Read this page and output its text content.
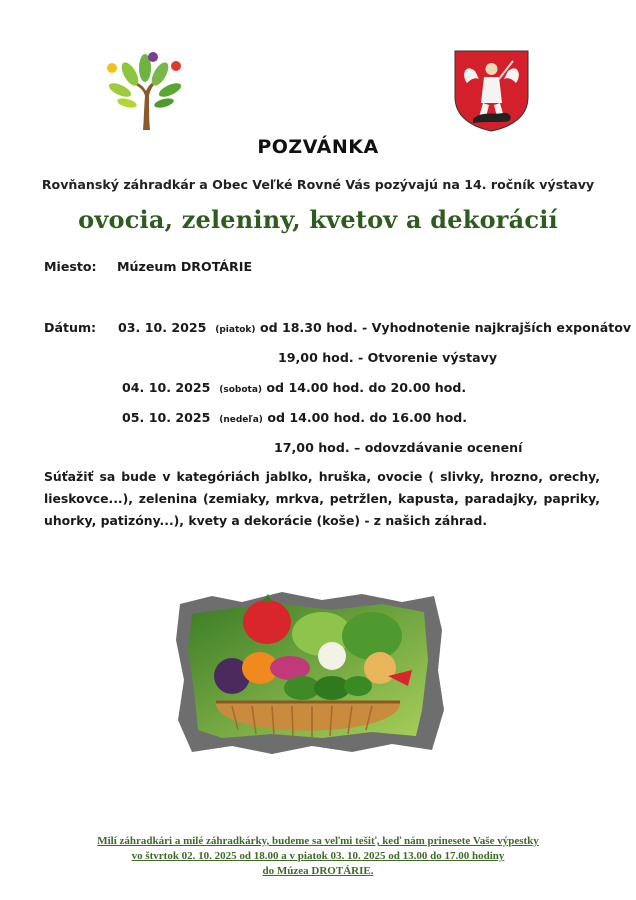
POZVÁNKA
Rovňanský záhradkár a Obec Veľké Rovné Vás pozývajú na 14. ročník výstavy
ovocia, zeleniny, kvetov a dekorácií
Miesto: Múzeum DROTÁRIE
Dátum: 03. 10. 2025 (piatok) od 18.30 hod. - Vyhodnotenie najkrajších exponátov
19,00 hod. - Otvorenie výstavy
04. 10. 2025 (sobota) od 14.00 hod. do 20.00 hod.
05. 10. 2025 (nedeľa) od 14.00 hod. do 16.00 hod.
17,00 hod. – odovzdávanie ocenení
Súťažiť sa bude v kategóriách jablko, hruška, ovocie ( slivky, hrozno, orechy, lieskovce...), zelenina (zemiaky, mrkva, petržlen, kapusta, paradajky, papriky, uhorky, patizóny...), kvety a dekorácie (koše) - z našich záhrad.
Milí záhradkári a milé záhradkárky, budeme sa veľmi tešiť, keď nám prinesete Vaše výpestky
vo štvrtok 02. 10. 2025 od 18.00 a v piatok 03. 10. 2025 od 13.00 do 17.00 hodiny
do Múzea DROTÁRIE.
